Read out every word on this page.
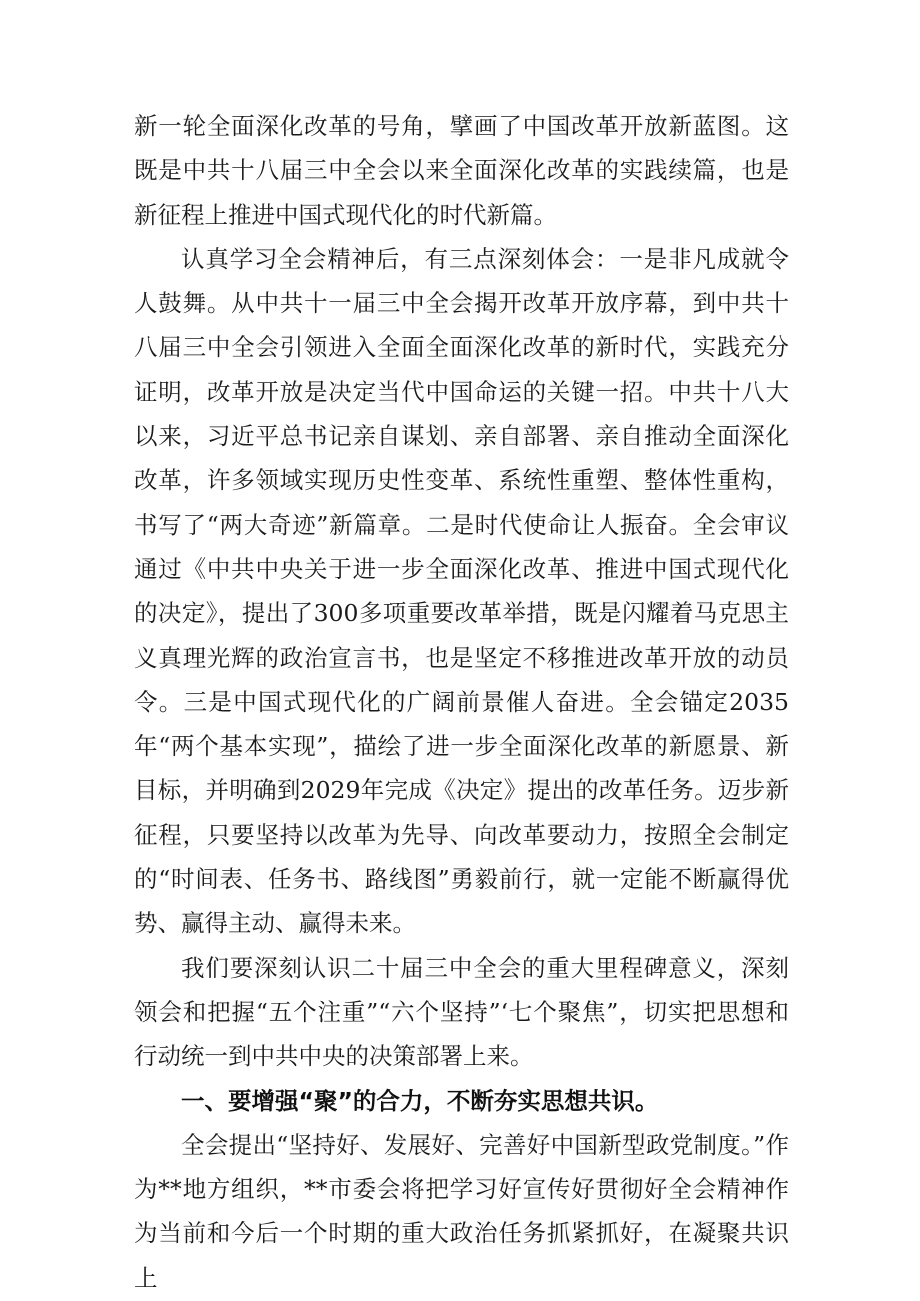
新一轮全面深化改革的号角，擘画了中国改革开放新蓝图。这既是中共十八届三中全会以来全面深化改革的实践续篇，也是新征程上推进中国式现代化的时代新篇。

认真学习全会精神后，有三点深刻体会：一是非凡成就令人鼓舞。从中共十一届三中全会揭开改革开放序幕，到中共十八届三中全会引领进入全面全面深化改革的新时代，实践充分证明，改革开放是决定当代中国命运的关键一招。中共十八大以来，习近平总书记亲自谋划、亲自部署、亲自推动全面深化改革，许多领域实现历史性变革、系统性重塑、整体性重构，书写了“两大奇迹”新篇章。二是时代使命让人振奋。全会审议通过《中共中央关于进一步全面深化改革、推进中国式现代化的决定》，提出了300多项重要改革举措，既是闪耀着马克思主义真理光辉的政治宣言书，也是坚定不移推进改革开放的动员令。三是中国式现代化的广阔前景催人奋进。全会锚定2035年“两个基本实现”，描绘了进一步全面深化改革的新愿景、新目标，并明确到2029年完成《决定》提出的改革任务。迈步新征程，只要坚持以改革为先导、向改革要动力，按照全会制定的“时间表、任务书、路线图”勇毅前行，就一定能不断赢得优势、赢得主动、赢得未来。

我们要深刻认识二十届三中全会的重大里程碑意义，深刻领会和把握“五个注重”“六个坚持”‘七个聚焦”，切实把思想和行动统一到中共中央的决策部署上来。

一、要增强“聚”的合力，不断夯实思想共识。

全会提出“坚持好、发展好、完善好中国新型政党制度。”作为**地方组织，**市委会将把学习好宣传好贯彻好全会精神作为当前和今后一个时期的重大政治任务抓紧抓好，在凝聚共识上
